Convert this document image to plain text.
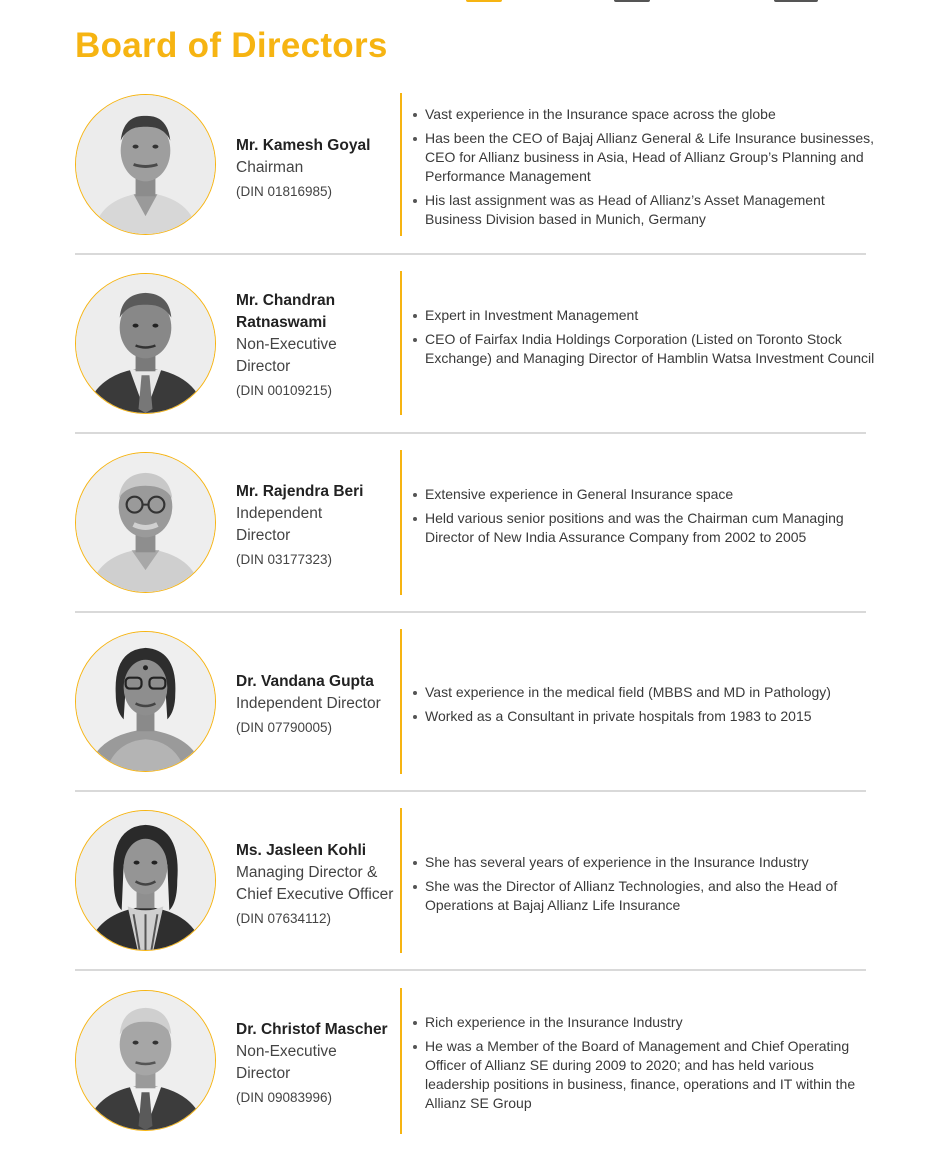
Board of Directors
Mr. Kamesh Goyal
Chairman
(DIN 01816985)
Vast experience in the Insurance space across the globe
Has been the CEO of Bajaj Allianz General & Life Insurance businesses, CEO for Allianz business in Asia, Head of Allianz Group’s Planning and Performance Management
His last assignment was as Head of Allianz’s Asset Management Business Division based in Munich, Germany
Mr. Chandran Ratnaswami
Non-Executive
Director
(DIN 00109215)
Expert in Investment Management
CEO of Fairfax India Holdings Corporation (Listed on Toronto Stock Exchange) and Managing Director of Hamblin Watsa Investment Council
Mr. Rajendra Beri
Independent
Director
(DIN 03177323)
Extensive experience in General Insurance space
Held various senior positions and was the Chairman cum Managing Director of New India Assurance Company from 2002 to 2005
Dr. Vandana Gupta
Independent Director
(DIN 07790005)
Vast experience in the medical field (MBBS and MD in Pathology)
Worked as a Consultant in private hospitals from 1983 to 2015
Ms. Jasleen Kohli
Managing Director &
Chief Executive Officer
(DIN 07634112)
She has several years of experience in the Insurance Industry
She was the Director of Allianz Technologies, and also the Head of Operations at Bajaj Allianz Life Insurance
Dr. Christof Mascher
Non-Executive
Director
(DIN 09083996)
Rich experience in the Insurance Industry
He was a Member of the Board of Management and Chief Operating Officer of Allianz SE during 2009 to 2020; and has held various leadership positions in business, finance, operations and IT within the Allianz SE Group
